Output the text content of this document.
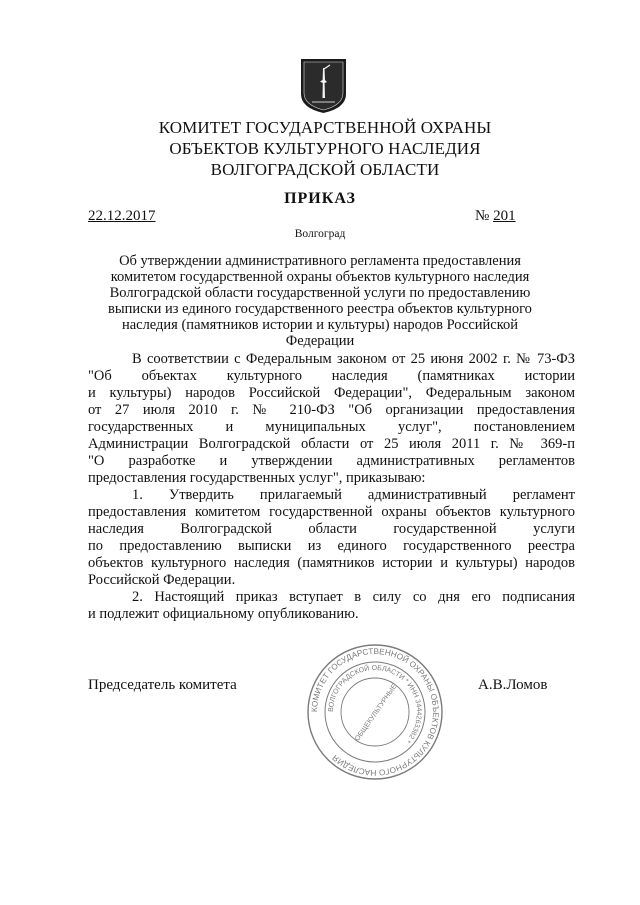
КОМИТЕТ ГОСУДАРСТВЕННОЙ ОХРАНЫ
ОБЪЕКТОВ КУЛЬТУРНОГО НАСЛЕДИЯ
ВОЛГОГРАДСКОЙ ОБЛАСТИ
ПРИКАЗ
22.12.2017	№ 201
Волгоград
Об утверждении административного регламента предоставления
комитетом государственной охраны объектов культурного наследия
Волгоградской области государственной услуги по предоставлению
выписки из единого государственного реестра объектов культурного
наследия (памятников истории и культуры) народов Российской
Федерации
В соответствии с Федеральным законом от 25 июня 2002 г. № 73-ФЗ
"Об объектах культурного наследия (памятниках истории
и культуры) народов Российской Федерации", Федеральным законом
от 27 июля 2010 г. № 210-ФЗ "Об организации предоставления
государственных и муниципальных услуг", постановлением
Администрации Волгоградской области от 25 июля 2011 г. № 369-п
"О разработке и утверждении административных регламентов
предоставления государственных услуг", приказываю:
1. Утвердить прилагаемый административный регламент
предоставления комитетом государственной охраны объектов культурного
наследия Волгоградской области государственной услуги
по предоставлению выписки из единого государственного реестра
объектов культурного наследия (памятников истории и культуры) народов
Российской Федерации.
2. Настоящий приказ вступает в силу со дня его подписания
и подлежит официальному опубликованию.
Председатель комитета	А.В.Ломов
КОМИТЕТ ГОСУДАРСТВЕННОЙ ОХРАНЫ ОБЪЕКТОВ КУЛЬТУРНОГО НАСЛЕДИЯ
ВОЛГОГРАДСКОЙ ОБЛАСТИ * ИНН 3444263382 *
ОБЩЕКУЛЬТУРНЫЕ
